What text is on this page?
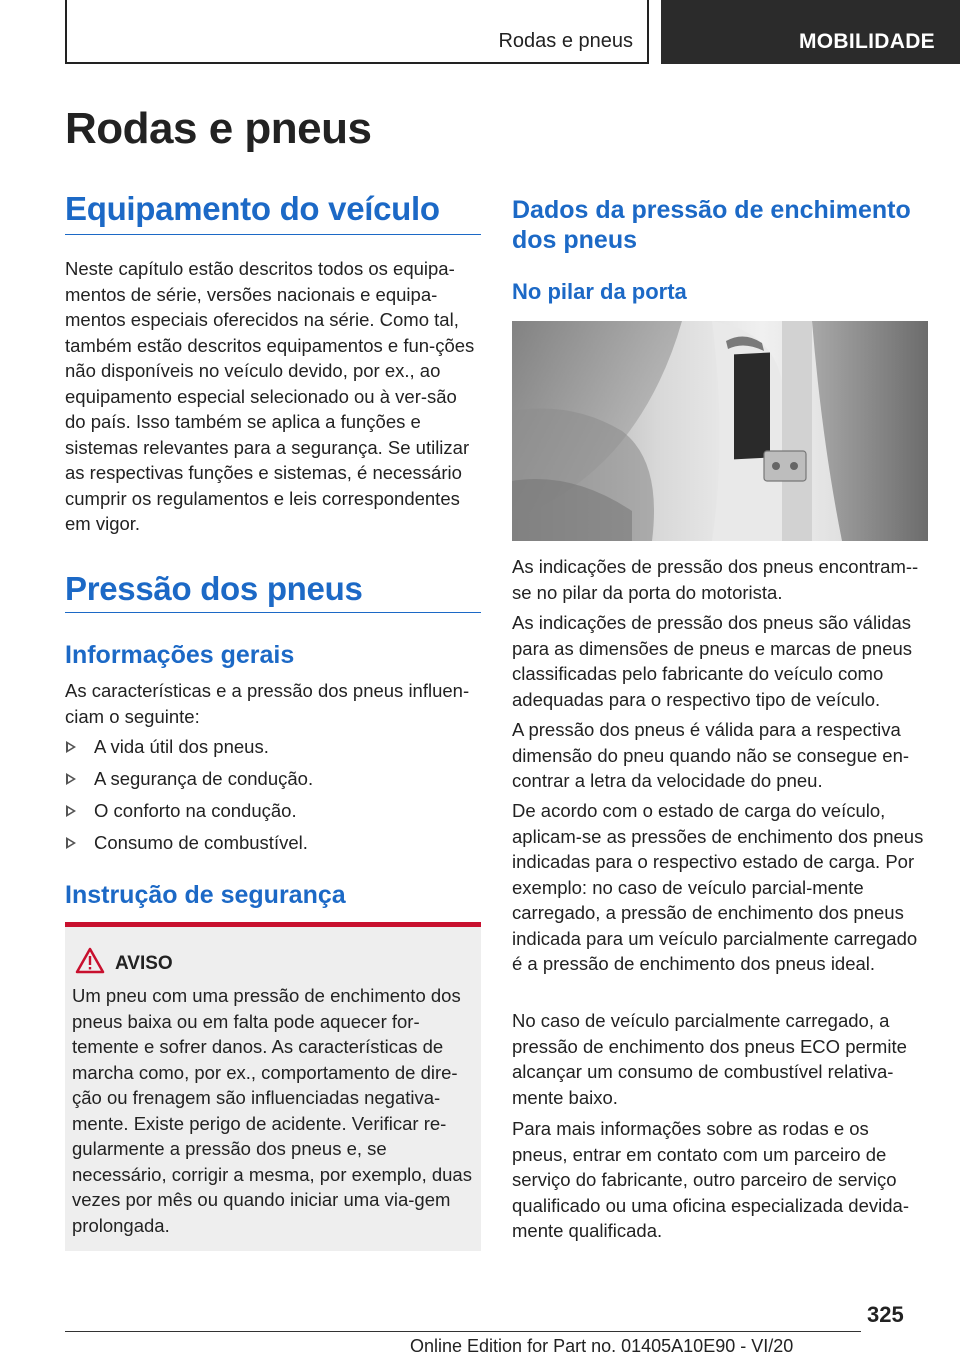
Rodas e pneus	MOBILIDADE
Rodas e pneus
Equipamento do veículo

Neste capítulo estão descritos todos os equipa-mentos de série, versões nacionais e equipa-mentos especiais oferecidos na série. Como tal, também estão descritos equipamentos e fun-ções não disponíveis no veículo devido, por ex., ao equipamento especial selecionado ou à ver-são do país. Isso também se aplica a funções e sistemas relevantes para a segurança. Se utilizar as respectivas funções e sistemas, é necessário cumprir os regulamentos e leis correspondentes em vigor.

Pressão dos pneus
Informações gerais

As características e a pressão dos pneus influen-ciam o seguinte:

A vida útil dos pneus.
A segurança de condução.
O conforto na condução.
Consumo de combustível.
Instrução de segurança
AVISO

Um pneu com uma pressão de enchimento dos pneus baixa ou em falta pode aquecer for-temente e sofrer danos. As características de marcha como, por ex., comportamento de dire-ção ou frenagem são influenciadas negativa-mente. Existe perigo de acidente. Verificar re-gularmente a pressão dos pneus e, se necessário, corrigir a mesma, por exemplo, duas vezes por mês ou quando iniciar uma via-gem prolongada.

Dados da pressão de enchimento dos pneus
No pilar da porta

As indicações de pressão dos pneus encontram--se no pilar da porta do motorista.

As indicações de pressão dos pneus são válidas para as dimensões de pneus e marcas de pneus classificadas pelo fabricante do veículo como adequadas para o respectivo tipo de veículo.

A pressão dos pneus é válida para a respectiva dimensão do pneu quando não se consegue en-contrar a letra da velocidade do pneu.

De acordo com o estado de carga do veículo, aplicam-se as pressões de enchimento dos pneus indicadas para o respectivo estado de carga. Por exemplo: no caso de veículo parcial-mente carregado, a pressão de enchimento dos pneus indicada para um veículo parcialmente carregado é a pressão de enchimento dos pneus ideal.

No caso de veículo parcialmente carregado, a pressão de enchimento dos pneus ECO permite alcançar um consumo de combustível relativa-mente baixo.

Para mais informações sobre as rodas e os pneus, entrar em contato com um parceiro de serviço do fabricante, outro parceiro de serviço qualificado ou uma oficina especializada devida-mente qualificada.

325
Online Edition for Part no. 01405A10E90 - VI/20
